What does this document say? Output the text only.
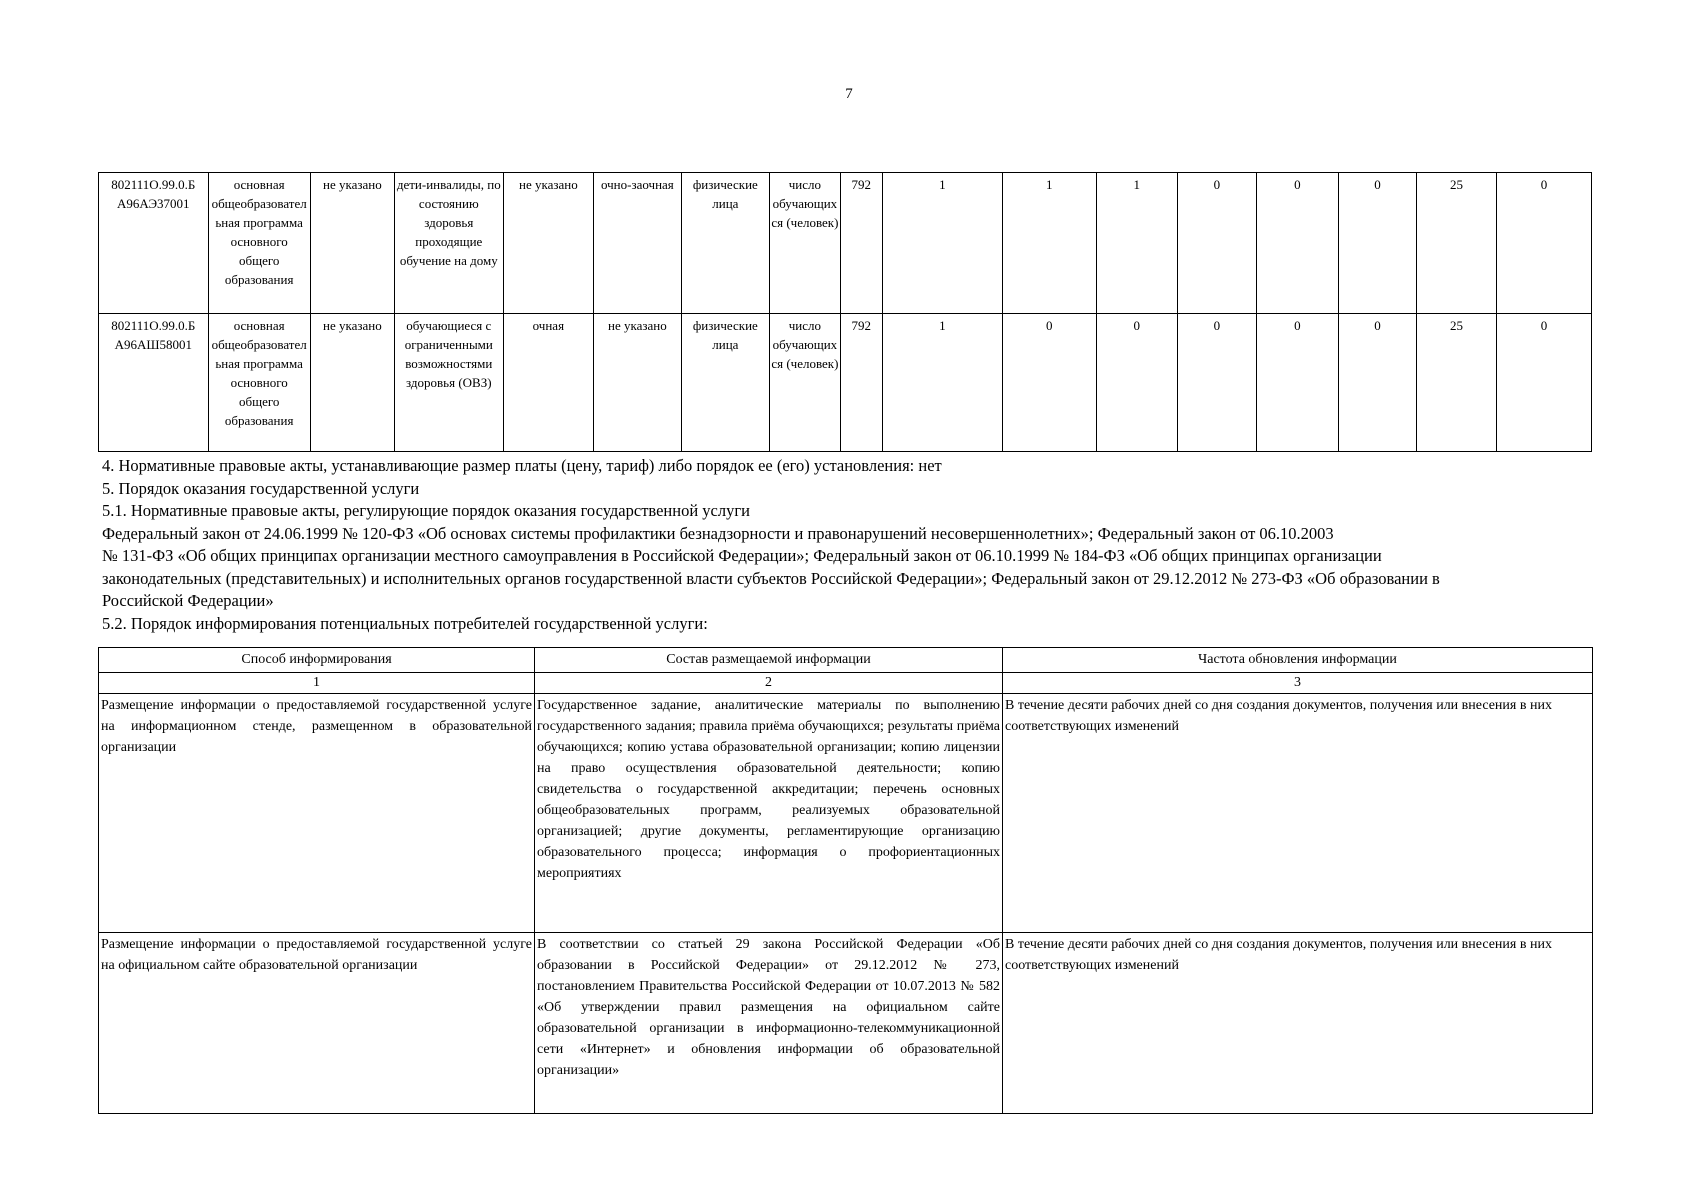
7
802111О.99.0.Б А96АЭ37001	основная общеобразовательная программа основного общего образования	не указано	дети-инвалиды, по состоянию здоровья проходящие обучение на дому	не указано	очно-заочная	физические лица	число обучающихся (человек)	792	1	1	1	0	0	0	25	0
802111О.99.0.Б А96АШ58001	основная общеобразовательная программа основного общего образования	не указано	обучающиеся с ограниченными возможностями здоровья (ОВЗ)	очная	не указано	физические лица	число обучающихся (человек)	792	1	0	0	0	0	0	25	0

4. Нормативные правовые акты, устанавливающие размер платы (цену, тариф) либо порядок ее (его) установления: нет

5. Порядок оказания государственной услуги

5.1. Нормативные правовые акты, регулирующие порядок оказания государственной услуги

Федеральный закон от 24.06.1999 № 120-ФЗ «Об основах системы профилактики безнадзорности и правонарушений несовершеннолетних»; Федеральный закон от 06.10.2003

№ 131-ФЗ «Об общих принципах организации местного самоуправления в Российской Федерации»; Федеральный закон от 06.10.1999 № 184-ФЗ «Об общих принципах организации

законодательных (представительных) и исполнительных органов государственной власти субъектов Российской Федерации»; Федеральный закон от 29.12.2012 № 273-ФЗ «Об образовании в

Российской Федерации»

5.2. Порядок информирования потенциальных потребителей государственной услуги:

Способ информирования	Состав размещаемой информации	Частота обновления информации
1	2	3
Размещение информации о предоставляемой государственной услуге на информационном стенде, размещенном в образовательной организации	Государственное задание, аналитические материалы по выполнению государственного задания; правила приёма обучающихся; результаты приёма обучающихся; копию устава образовательной организации; копию лицензии на право осуществления образовательной деятельности; копию свидетельства о государственной аккредитации; перечень основных общеобразовательных программ, реализуемых образовательной организацией; другие документы, регламентирующие организацию образовательного процесса; информация о профориентационных мероприятиях	В течение десяти рабочих дней со дня создания документов, получения или внесения в них соответствующих изменений
Размещение информации о предоставляемой государственной услуге на официальном сайте образовательной организации	В соответствии со статьей 29 закона Российской Федерации «Об образовании в Российской Федерации» от 29.12.2012 № 273, постановлением Правительства Российской Федерации от 10.07.2013 № 582 «Об утверждении правил размещения на официальном сайте образовательной организации в информационно-телекоммуникационной сети «Интернет» и обновления информации об образовательной организации»	В течение десяти рабочих дней со дня создания документов, получения или внесения в них соответствующих изменений
